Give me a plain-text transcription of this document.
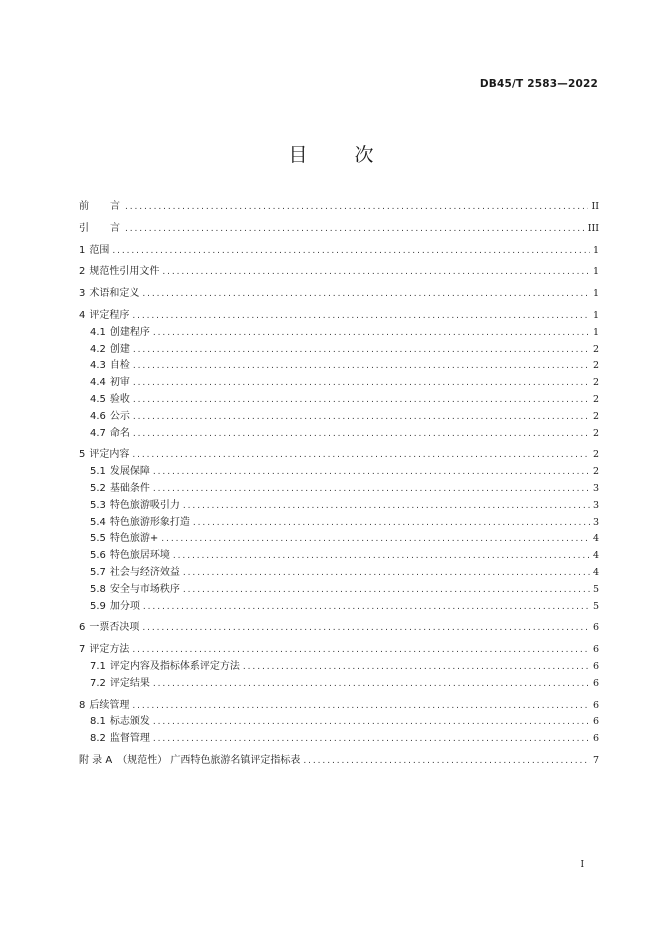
DB45/T 2583—2022
目　次
前言 .....	II
引言 .....	III
1 范围 .....	1
2 规范性引用文件 .....	1
3 术语和定义 .....	1
4 评定程序 .....	1
4.1 创建程序 .....	1
4.2 创建 .....	2
4.3 自检 .....	2
4.4 初审 .....	2
4.5 验收 .....	2
4.6 公示 .....	2
4.7 命名 .....	2
5 评定内容 .....	2
5.1 发展保障 .....	2
5.2 基础条件 .....	3
5.3 特色旅游吸引力 .....	3
5.4 特色旅游形象打造 .....	3
5.5 特色旅游+ .....	4
5.6 特色旅居环境 .....	4
5.7 社会与经济效益 .....	4
5.8 安全与市场秩序 .....	5
5.9 加分项 .....	5
6 一票否决项 .....	6
7 评定方法 .....	6
7.1 评定内容及指标体系评定方法 .....	6
7.2 评定结果 .....	6
8 后续管理 .....	6
8.1 标志颁发 .....	6
8.2 监督管理 .....	6
附 录 A　（规范性） 广西特色旅游名镇评定指标表 .....	7
I
